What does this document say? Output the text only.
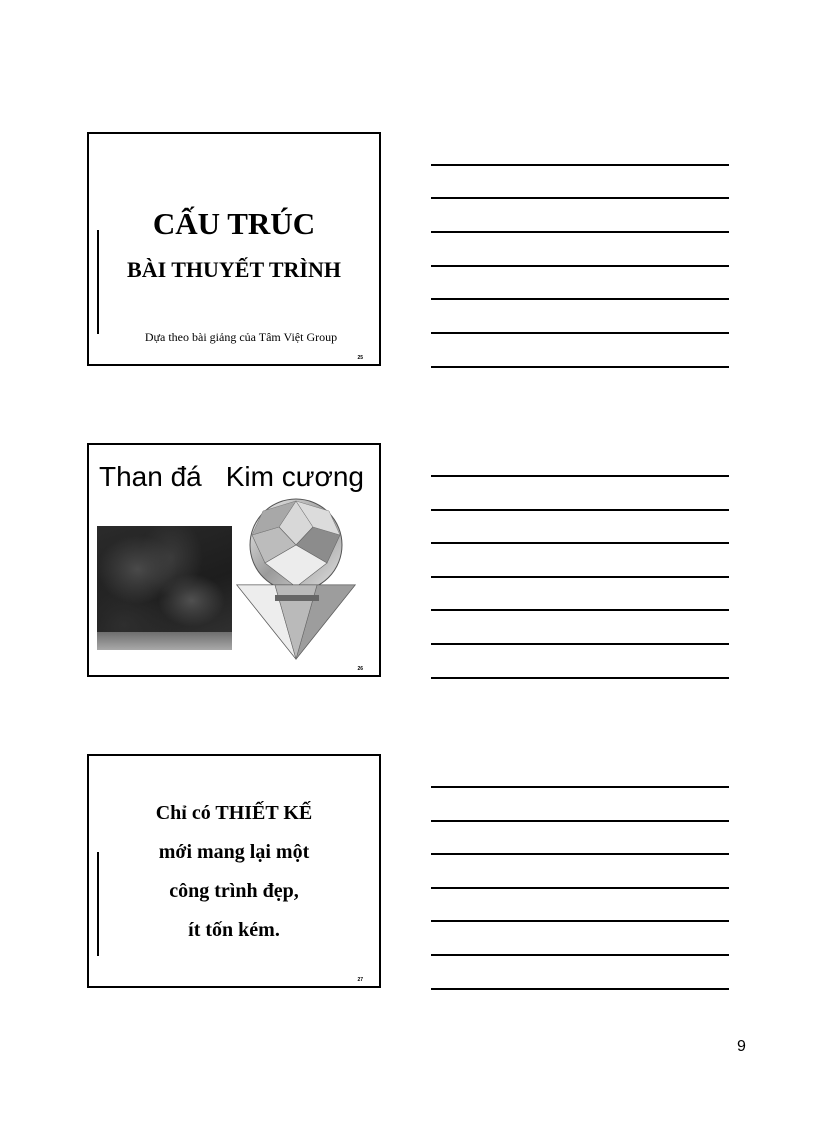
CẤU TRÚC
BÀI THUYẾT TRÌNH
Dựa theo bài giảng của Tâm Việt Group
25
Than đá Kim cương
26
Chỉ có THIẾT KẾ
mới mang lại một
công trình đẹp,
ít tốn kém.
27
9
